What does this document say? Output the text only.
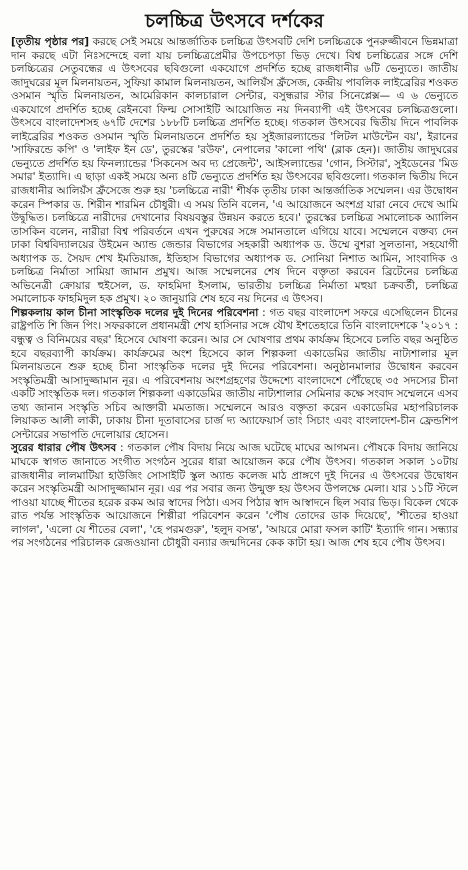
চলচ্চিত্র উৎসবে দর্শকের

[তৃতীয় পৃষ্ঠার পর] করছে সেই সময়ে আন্তর্জাতিক চলচ্চিত্র উৎসবটি দেশি চলচ্চিত্রকে পুনরুজ্জীবনে ভিন্নমাত্রা দান করছে এটা নিঃসন্দেহে বলা যায় চলচ্চিত্রপ্রেমীর উপচেপড়া ভিড় দেখে। বিশ্ব চলচ্চিত্রের সঙ্গে দেশি চলচ্চিত্রের সেতুবন্ধের এ উৎসবের ছবিগুলো একযোগে প্রদর্শিত হচ্ছে রাজধানীর ৬টি ভেন্যুতে। জাতীয় জাদুঘরের মূল মিলনায়তন, সুফিয়া কামাল মিলনায়তন, আলিয়ঁস ফ্রঁসেজ, কেন্দ্রীয় পাবলিক লাইব্রেরির শওকত ওসমান স্মৃতি মিলনায়তন, আমেরিকান কালচারাল সেন্টার, বসুন্ধরার স্টার সিনেপ্লেক্স— এ ৬ ভেন্যুতে একযোগে প্রদর্শিত হচ্ছে রেইনবো ফিল্ম সোসাইটি আয়োজিত নয় দিনব্যাপী এই উৎসবের চলচ্চিত্রগুলো। উৎসবে বাংলাদেশসহ ৬৭টি দেশের ১৮৮টি চলচ্চিত্র প্রদর্শিত হচ্ছে। গতকাল উৎসবের দ্বিতীয় দিনে পাবলিক লাইব্রেরির শওকত ওসমান স্মৃতি মিলনায়তনে প্রদর্শিত হয় সুইজারল্যান্ডের 'লিটল মাউন্টেন বয়', ইরানের 'সাফিরন্ডে কপি' ও 'লাইফ ইন ডে', তুরস্কের 'রউফ', নেপালের 'কালো পথি' (ব্লাক হেন)। জাতীয় জাদুঘরের ভেন্যুতে প্রদর্শিত হয় ফিনল্যান্ডের 'সিকনেস অব দ্য প্রেজেন্ট', আইসল্যান্ডের 'গোন, সিস্টার', সুইডেনের 'মিড সমার' ইত্যাদি। এ ছাড়া একই সময়ে অন্য ৪টি ভেন্যুতে প্রদর্শিত হয় উৎসবের ছবিগুলো। গতকাল দ্বিতীয় দিনে রাজধানীর আলিয়ঁস ফ্রঁসেজে শুরু হয় 'চলচ্চিত্রে নারী' শীর্ষক তৃতীয় ঢাকা আন্তর্জাতিক সম্মেলন। এর উদ্বোধন করেন স্পিকার ড. শিরীন শারমিন চৌধুরী। এ সময় তিনি বলেন, 'এ আয়োজনে অংশগ্র যারা নেবে দেখে আমি উদ্বুদ্ধিত। চলচ্চিত্রে নারীদের দেখানোর বিষয়বস্তুর উন্নয়ন করতে হবে।' তুরস্কের চলচ্চিত্র সমালোচক অ্যালিন তাসকিন বলেন, নারীরা বিশ্ব পরিবর্তনে এখন পুরুষের সঙ্গে সমানতালে এগিয়ে যাবে। সম্মেলনে বক্তব্য দেন ঢাকা বিশ্ববিদ্যালয়ের উইমেন অ্যান্ড জেন্ডার বিভাগের সহকারী অধ্যাপক ড. উম্মে বুশরা সুলতানা, সহযোগী অধ্যাপক ড. সৈয়দ শেখ ইমতিয়াজ, ইতিহাস বিভাগের অধ্যাপক ড. সোনিয়া নিশাত আমিন, সাংবাদিক ও চলচ্চিত্র নির্মাতা সামিয়া জামান প্রমুখ। আজ সম্মেলনের শেষ দিনে বক্তৃতা করবেন ব্রিটেনের চলচ্চিত্র অভিনেত্রী ক্রোয়ার হুইসেল, ড. ফাহমিদা ইসলাম, ভারতীয় চলচ্চিত্র নির্মাতা মহুয়া চক্রবর্তী, চলচ্চিত্র সমালোচক ফাহমিদুল হক প্রমুখ। ২০ জানুয়ারি শেষ হবে নয় দিনের এ উৎসব।

শিল্পকলায় কাল চীনা সাংস্কৃতিক দলের দুই দিনের পরিবেশনা : গত বছর বাংলাদেশ সফরে এসেছিলেন চীনের রাষ্ট্রপতি শি জিন পিং। সফরকালে প্রধানমন্ত্রী শেখ হাসিনার সঙ্গে যৌথ ইশতেহারে তিনি বাংলাদেশকে '২০১৭ : বন্ধুত্ব ও বিনিময়ের বছর' হিসেবে ঘোষণা করেন। আর সে ঘোষণার প্রথম কার্যক্রম হিসেবে চলতি বছর অনুষ্ঠিত হবে বছরব্যাপী কার্যক্রম। কার্যক্রমের অংশ হিসেবে কাল শিল্পকলা একাডেমির জাতীয় নাট্যশালার মূল মিলনায়তনে শুরু হচ্ছে চীনা সাংস্কৃতিক দলের দুই দিনের পরিবেশনা। অনুষ্ঠানমালার উদ্বোধন করবেন সংস্কৃতিমন্ত্রী আসাদুজ্জামান নূর। এ পরিবেশনায় অংশগ্রহণের উদ্দেশ্যে বাংলাদেশে পৌঁছেছে ৩৫ সদস্যের চীনা একটি সাংস্কৃতিক দল। গতকাল শিল্পকলা একাডেমির জাতীয় নাট্যশালার সেমিনার কক্ষে সংবাদ সম্মেলনে এসব তথ্য জানান সংস্কৃতি সচিব আক্তারী মমতাজ। সম্মেলনে আরও বক্তৃতা করেন একাডেমির মহাপরিচালক লিয়াকত আলী লাকী, ঢাকায় চীনা দূতাবাসের চার্জ দ্য অ্যাফেয়ার্স তাং সিচাং এবং বাংলাদেশ-চীন ফ্রেন্ডশিপ সেন্টারের সভাপতি দেলোয়ার হোসেন।

সুরের ধারার পৌষ উৎসব : গতকাল পৌষ বিদায় নিয়ে আজ ঘটেছে মাঘের আগমন। পৌষকে বিদায় জানিয়ে মাঘকে স্বাগত জানাতে সংগীত সংগঠন সুরের ধারা আয়োজন করে পৌষ উৎসব। গতকাল সকাল ১০টায় রাজধানীর লালমাটিয়া হাউজিং সোসাইটি স্কুল অ্যান্ড কলেজ মাঠ প্রাঙ্গণে দুই দিনের এ উৎসবের উদ্বোধন করেন সংস্কৃতিমন্ত্রী আসাদুজ্জামান নূর। এর পর সবার জন্য উন্মুক্ত হয় উৎসব উপলক্ষে মেলা। যার ১১টি স্টলে পাওয়া যাচ্ছে শীতের হরেক রকম আর স্বাদের পিঠা। এসব পিঠার স্বাদ আস্বাদনে ছিল সবার ভিড়। বিকেল থেকে রাত পর্যন্ত সাংস্কৃতিক আয়োজনে শিল্পীরা পরিবেশন করেন 'পৌষ তোদের ডাক দিয়েছে', 'শীতের হাওয়া লাগল', 'এলো যে শীতের বেলা', 'হে পরমগুরু', 'হলুদ বসন্ত', 'আয়রে মোরা ফসল কাটি' ইত্যাদি গান। সন্ধ্যার পর সংগঠনের পরিচালক রেজওয়ানা চৌধুরী বন্যার জন্মদিনের কেক কাটা হয়। আজ শেষ হবে পৌষ উৎসব।
